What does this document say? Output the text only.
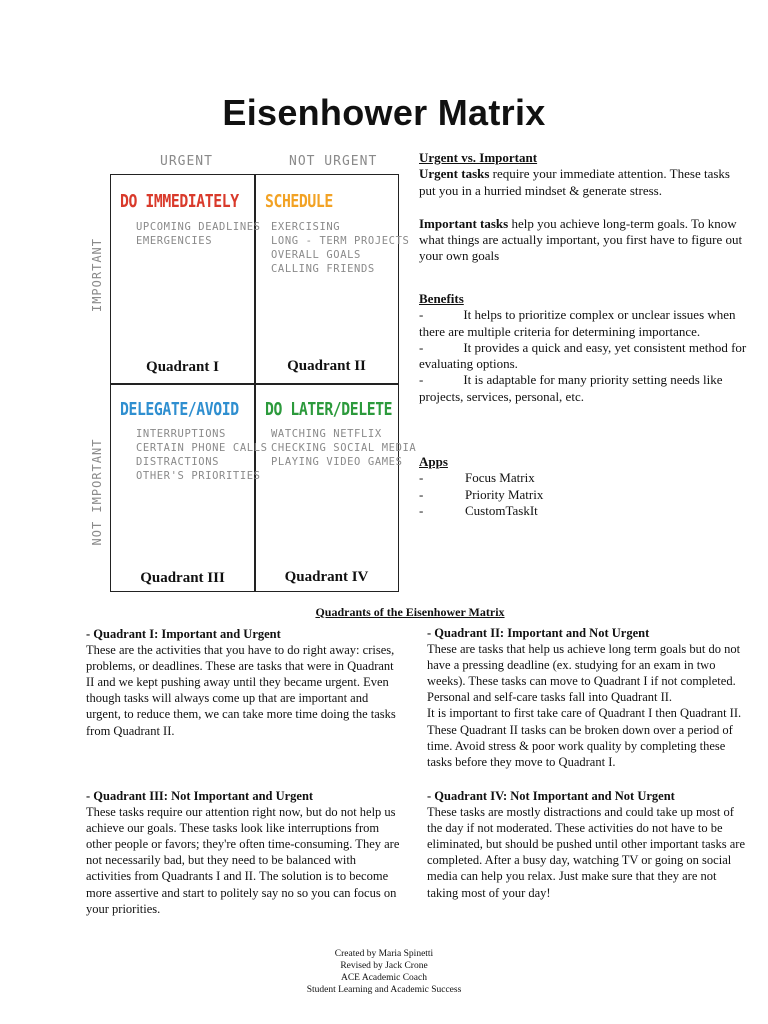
Eisenhower Matrix
URGENT	NOT URGENT
IMPORTANT
NOT IMPORTANT
DO IMMEDIATELY
UPCOMING DEADLINES
EMERGENCIES
Quadrant I
SCHEDULE
EXERCISING
LONG - TERM PROJECTS
OVERALL GOALS
CALLING FRIENDS
Quadrant II
DELEGATE/AVOID
INTERRUPTIONS
CERTAIN PHONE CALLS
DISTRACTIONS
OTHER'S PRIORITIES
Quadrant III
DO LATER/DELETE
WATCHING NETFLIX
CHECKING SOCIAL MEDIA
PLAYING VIDEO GAMES
Quadrant IV
Urgent vs. Important
Urgent tasks require your immediate attention. These tasks put you in a hurried mindset & generate stress.
Important tasks help you achieve long-term goals. To know what things are actually important, you first have to figure out your own goals
Benefits
-	It helps to prioritize complex or unclear issues when there are multiple criteria for determining importance.
-	It provides a quick and easy, yet consistent method for evaluating options.
-	It is adaptable for many priority setting needs like projects, services, personal, etc.
Apps
-	Focus Matrix
-	Priority Matrix
-	CustomTaskIt
Quadrants of the Eisenhower Matrix
- Quadrant I: Important and Urgent
These are the activities that you have to do right away: crises, problems, or deadlines. These are tasks that were in Quadrant II and we kept pushing away until they became urgent. Even though tasks will always come up that are important and urgent, to reduce them, we can take more time doing the tasks from Quadrant II.
- Quadrant II: Important and Not Urgent
These are tasks that help us achieve long term goals but do not have a pressing deadline (ex. studying for an exam in two weeks). These tasks can move to Quadrant I if not completed. Personal and self-care tasks fall into Quadrant II.
It is important to first take care of Quadrant I then Quadrant II. These Quadrant II tasks can be broken down over a period of time. Avoid stress & poor work quality by completing these tasks before they move to Quadrant I.
- Quadrant III: Not Important and Urgent
These tasks require our attention right now, but do not help us achieve our goals. These tasks look like interruptions from other people or favors; they're often time-consuming. They are not necessarily bad, but they need to be balanced with activities from Quadrants I and II. The solution is to become more assertive and start to politely say no so you can focus on your priorities.
- Quadrant IV: Not Important and Not Urgent
These tasks are mostly distractions and could take up most of the day if not moderated. These activities do not have to be eliminated, but should be pushed until other important tasks are completed. After a busy day, watching TV or going on social media can help you relax. Just make sure that they are not taking most of your day!
Created by Maria Spinetti
Revised by Jack Crone
ACE Academic Coach
Student Learning and Academic Success
